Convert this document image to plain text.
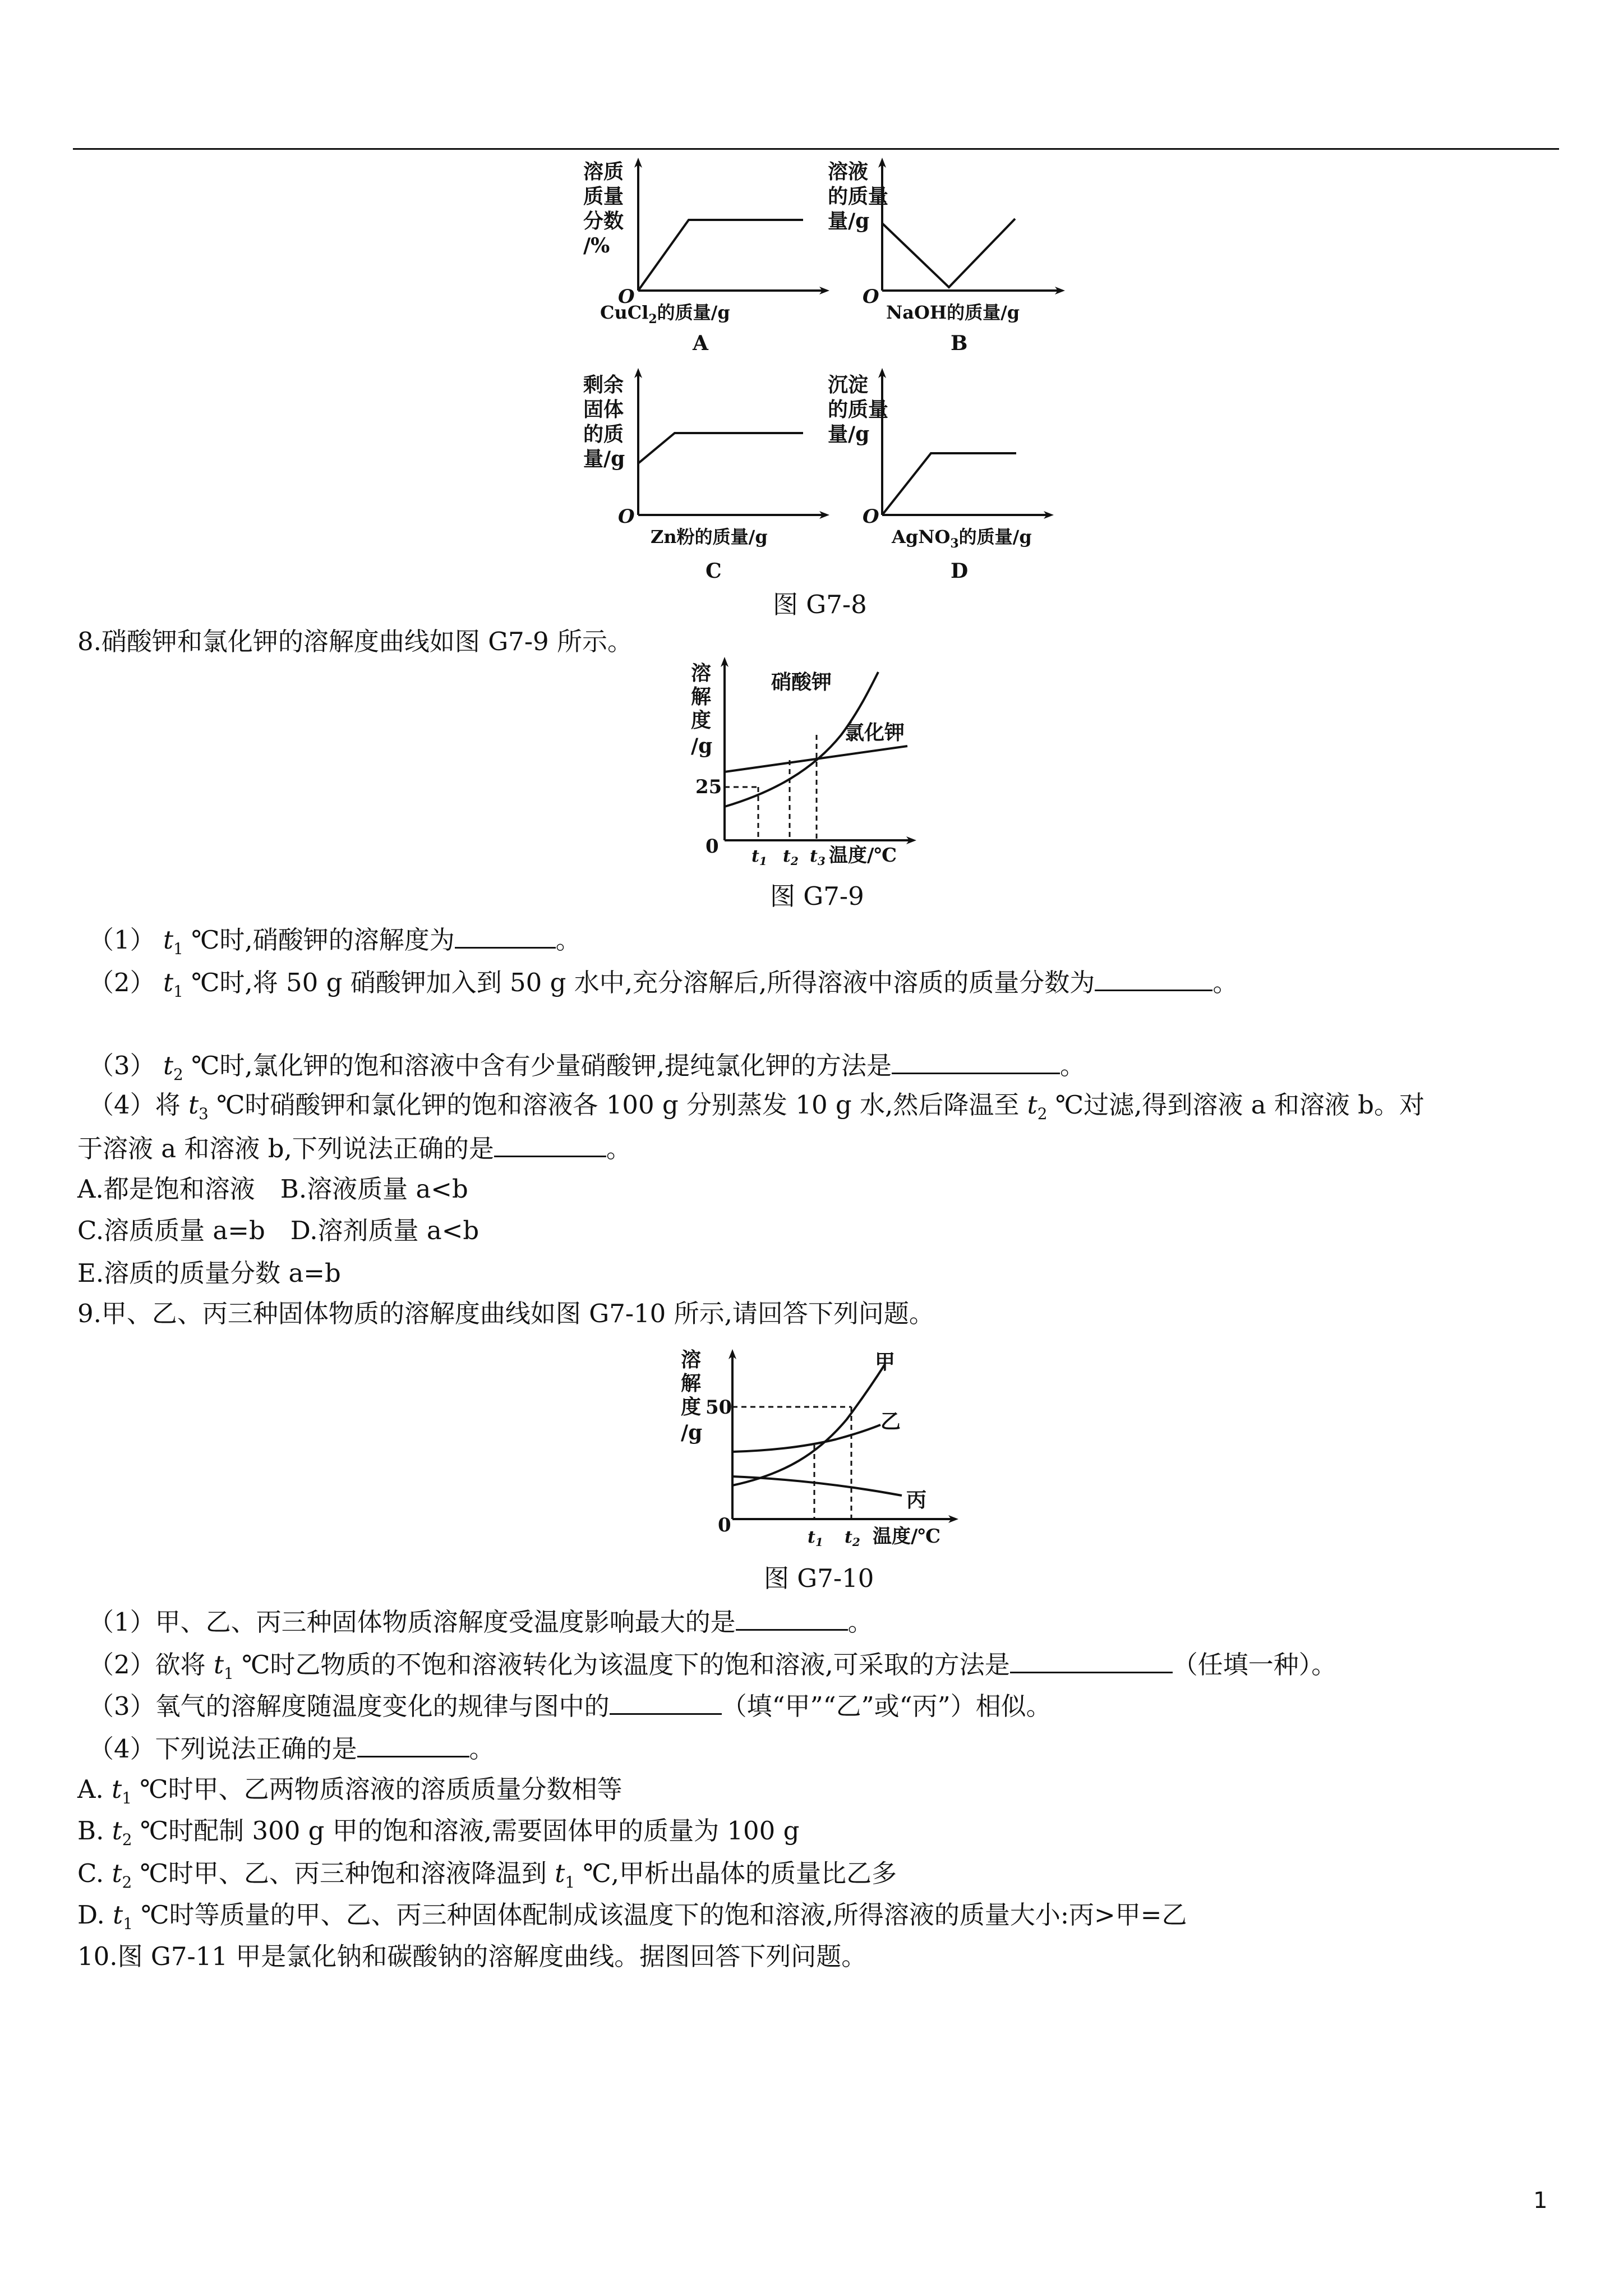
溶质
质量
分数
/%
O
CuCl$_2$的质量/g
A
溶液
的质量
量/g
O
NaOH的质量/g
B
剩余
固体
的质
量/g
O
Zn粉的质量/g
C
沉淀
的质量
量/g
O
AgNO$_3$的质量/g
D
图 G7-8
8.硝酸钾和氯化钾的溶解度曲线如图 G7-9 所示。
溶
解
度
/g
硝酸钾
氯化钾
25
0 $t_1$ $t_2$ $t_3$ 温度/℃
图 G7-9
（1） $t_1$ ℃时,硝酸钾的溶解度为	。
（2） $t_1$ ℃时,将 50 g 硝酸钾加入到 50 g 水中,充分溶解后,所得溶液中溶质的质量分数为	。
（3） $t_2$ ℃时,氯化钾的饱和溶液中含有少量硝酸钾,提纯氯化钾的方法是	。
（4）将 $t_3$ ℃时硝酸钾和氯化钾的饱和溶液各 100 g 分别蒸发 10 g 水,然后降温至 $t_2$ ℃过滤,得到溶液 a 和溶液 b。对
于溶液 a 和溶液 b,下列说法正确的是	。
A.都是饱和溶液　B.溶液质量 a<b
C.溶质质量 a=b　D.溶剂质量 a<b
E.溶质的质量分数 a=b
9.甲、乙、丙三种固体物质的溶解度曲线如图 G7-10 所示,请回答下列问题。
溶
解
度
/g
甲
乙
丙
50
0
$t_1$ $t_2$ 温度/℃
图 G7-10
（1）甲、乙、丙三种固体物质溶解度受温度影响最大的是	。
（2）欲将 $t_1$ ℃时乙物质的不饱和溶液转化为该温度下的饱和溶液,可采取的方法是	（任填一种）。
（3）氧气的溶解度随温度变化的规律与图中的	（填“甲”“乙”或“丙”）相似。
（4）下列说法正确的是	。
A. $t_1$ ℃时甲、乙两物质溶液的溶质质量分数相等
B. $t_2$ ℃时配制 300 g 甲的饱和溶液,需要固体甲的质量为 100 g
C. $t_2$ ℃时甲、乙、丙三种饱和溶液降温到 $t_1$ ℃,甲析出晶体的质量比乙多
D. $t_1$ ℃时等质量的甲、乙、丙三种固体配制成该温度下的饱和溶液,所得溶液的质量大小:丙>甲=乙
10.图 G7-11 甲是氯化钠和碳酸钠的溶解度曲线。据图回答下列问题。
1
